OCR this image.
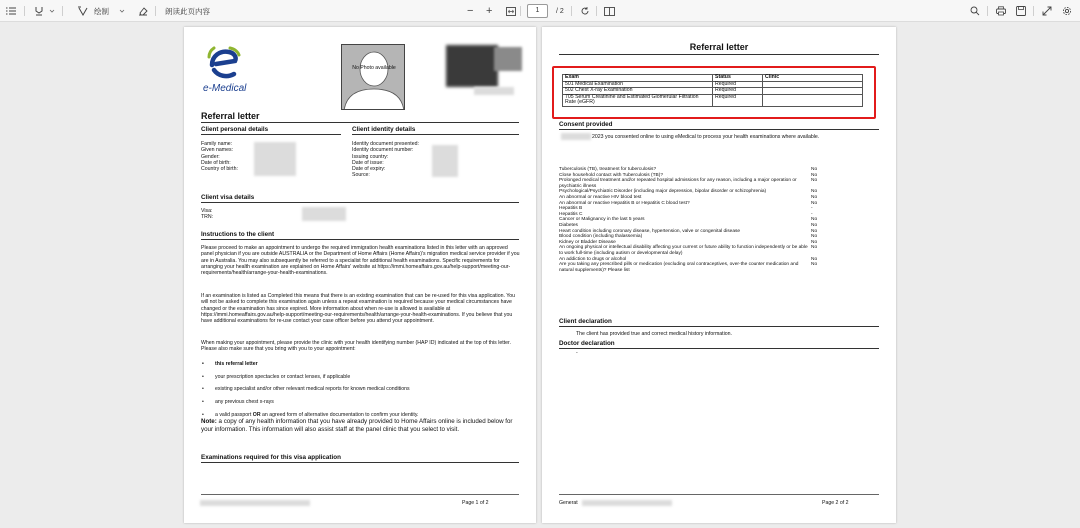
绘制	朗读此页内容	− +	1	/ 2
e-Medical
No Photo available
Referral letter
Client personal details	Client identity details
Family name:
Given names:
Gender:
Date of birth:
Country of birth:
Identity document presented:
Identity document number:
Issuing country:
Date of issue:
Date of expiry:
Source:
Client visa details
Visa:
TRN:
Instructions to the client
Please proceed to make an appointment to undergo the required immigration health examinations listed in this letter with an approved panel physician if you are outside AUSTRALIA or the Department of Home Affairs (Home Affairs)'s migration medical service provider if you are in Australia. You may also subsequently be referred to a specialist for additional health examinations. Specific requirements for arranging your health examination are explained on Home Affairs' website at https://immi.homeaffairs.gov.au/help-support/meeting-our-requirements/health/arrange-your-health-examinations.
If an examination is listed as Completed this means that there is an existing examination that can be re-used for this visa application. You will not be asked to complete this examination again unless a repeat examination is required because your medical circumstances have changed or the examination has since expired. More information about when re-use is allowed is available at https://immi.homeaffairs.gov.au/help-support/meeting-our-requirements/health/arrange-your-health-examinations. If you believe that you have additional examinations for re-use contact your case officer before you attend your appointment.
When making your appointment, please provide the clinic with your health identifying number (HAP ID) indicated at the top of this letter. Please also make sure that you bring with you to your appointment:
• this referral letter
• your prescription spectacles or contact lenses, if applicable
• existing specialist and/or other relevant medical reports for known medical conditions
• any previous chest x-rays
• a valid passport OR an agreed form of alternative documentation to confirm your identity.
Note: a copy of any health information that you have already provided to Home Affairs online is included below for your information. This information will also assist staff at the panel clinic that you select to visit.
Examinations required for this visa application
Page 1 of 2
Referral letter
Exam	Status	Clinic
501 Medical Examination	Required	
502 Chest X-ray Examination	Required	
705 Serum Creatinine and Estimated Glomerular Filtration Rate (eGFR)	Required	
Consent provided
2023 you consented online to using eMedical to process your health examinations where available.
Tuberculosis (TB), treatment for tuberculosis?	No
Close household contact with Tuberculosis (TB)?	No
Prolonged medical treatment and/or repeated hospital admissions for any reason, including a major operation or psychiatric illness
No
Psychological/Psychiatric Disorder (including major depression, bipolar disorder or schizophrenia)	No
An abnormal or reactive HIV blood test	No
An abnormal or reactive Hepatitis B or Hepatitis C blood test?	No
Hepatitis B	-
Hepatitis C	-
Cancer or Malignancy in the last 5 years	No
Diabetes	No
Heart condition including coronary disease, hypertension, valve or congenital disease	No
Blood condition (including thalassemia)	No
Kidney or Bladder Disease	No
An ongoing physical or intellectual disability affecting your current or future ability to function independently or be able to work full-time (including autism or developmental delay)
No
An addiction to drugs or alcohol	No
Are you taking any prescribed pills or medication (excluding oral contraceptives, over-the counter medication and natural supplements)? Please list
No
Client declaration
The client has provided true and correct medical history information.
Doctor declaration
-
Generat	Page 2 of 2
